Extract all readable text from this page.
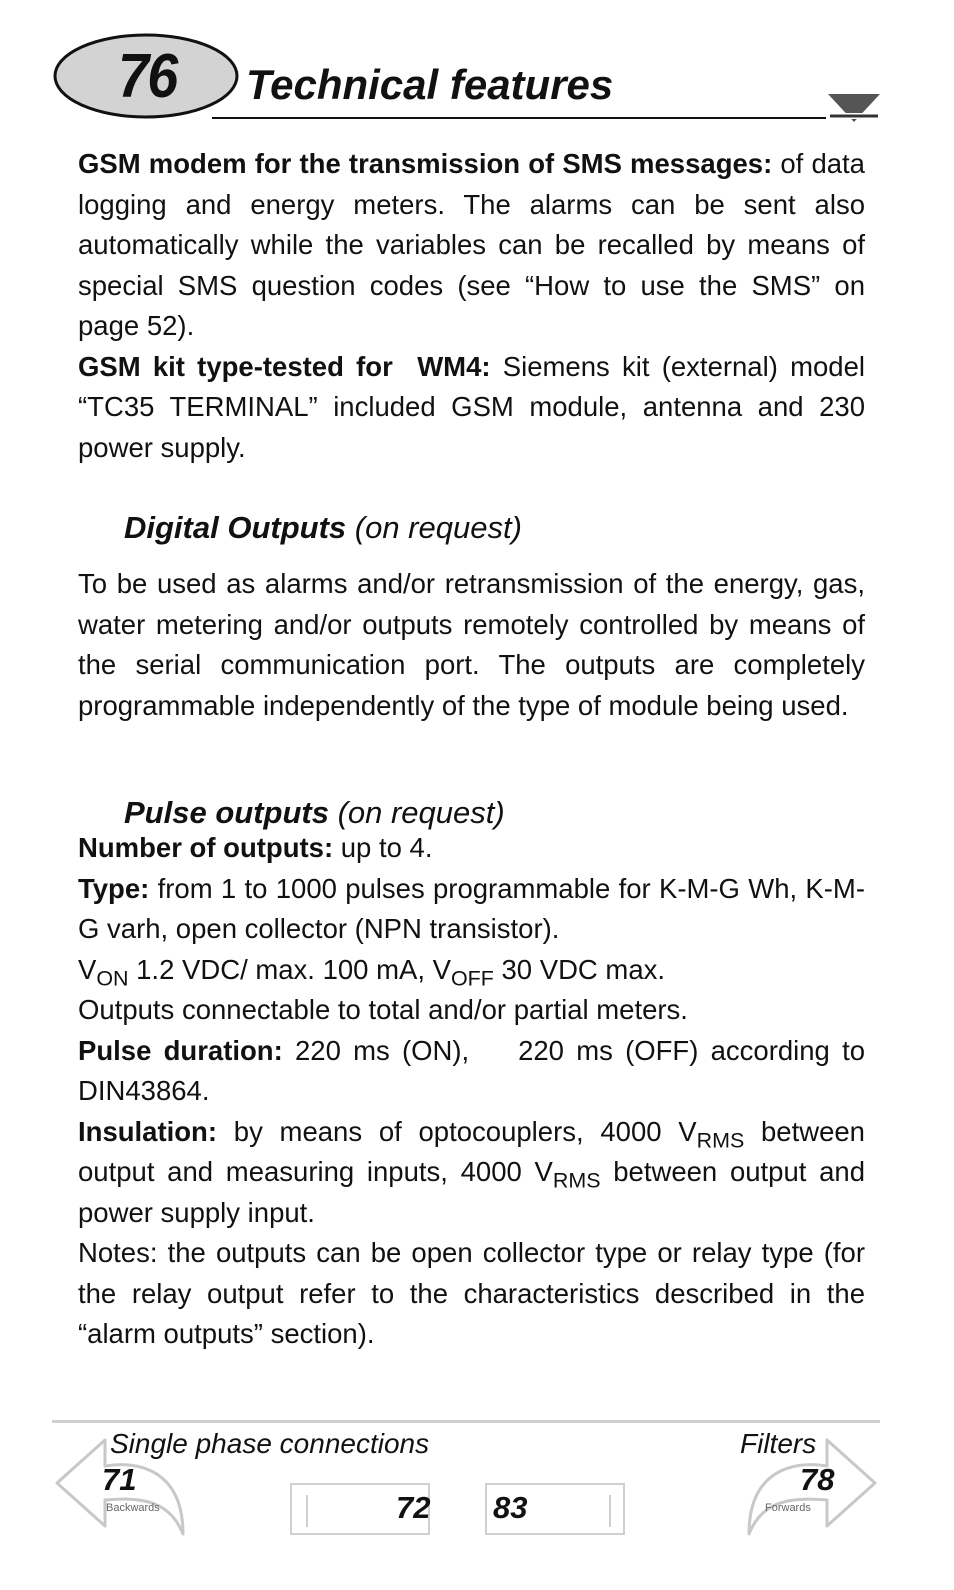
76	Technical features

GSM modem for the transmission of SMS messages: of data logging and energy meters. The alarms can be sent also automatically while the variables can be recalled by means of special SMS question codes (see “How to use the SMS” on page 52).

GSM kit type-tested for  WM4: Siemens kit (external) model “TC35 TERMINAL” included GSM module, antenna and 230 power supply.

Digital Outputs (on request)

To be used as alarms and/or retransmission of the energy, gas, water metering and/or outputs remotely controlled by means of the serial communication port. The outputs are completely programmable independently of the type of module being used.

Pulse outputs (on request)

Number of outputs: up to 4.

Type: from 1 to 1000 pulses programmable for K-M-G Wh, K-M-G varh, open collector (NPN transistor).

$V_{ON}$ 1.2 VDC/ max. 100 mA, $V_{OFF}$ 30 VDC max.

Outputs connectable to total and/or partial meters.

Pulse duration: 220 ms (ON),    220 ms (OFF) according to DIN43864.

Insulation: by means of optocouplers, 4000 $V_{RMS}$ between output and measuring inputs, 4000 $V_{RMS}$ between output and power supply input.

Notes: the outputs can be open collector type or relay type (for the relay output refer to the characteristics described in the “alarm outputs” section).

Single phase connections	Filters
71
Backwards
78
Forwards
72 83
